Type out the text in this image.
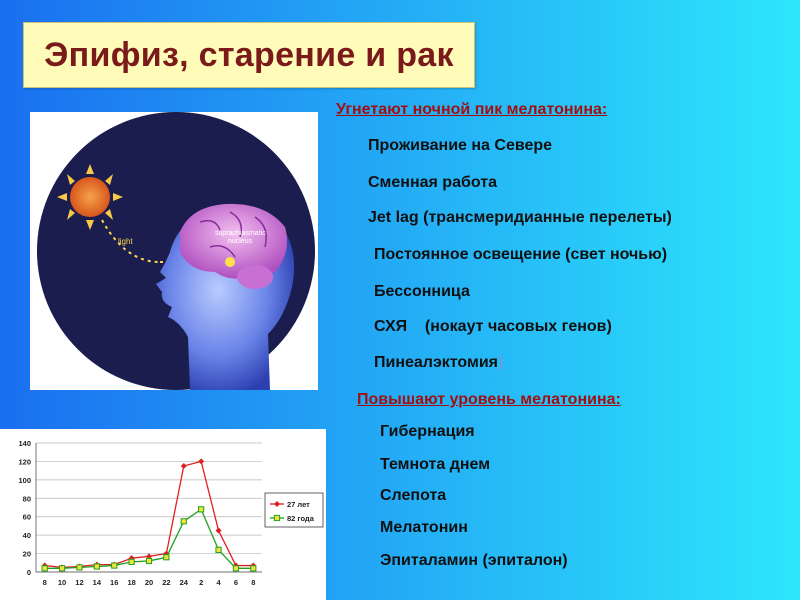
Эпифиз, старение и рак
light
suprachiasmatic
nucleus
0
20
40
60
80
100
120
140
8 10 12 14 16 18 20 22 24 2 4 6 8
27 лет
82 года
Угнетают ночной пик мелатонина:
Проживание на Севере
Сменная работа
Jet lag (трансмеридианные перелеты)
Постоянное освещение (свет ночью)
Бессонница
СХЯ    (нокаут часовых генов)
Пинеалэктомия)
Повышают уровень мелатонина:
Гибернация
Темнота днем
Слепота
Мелатонин
Эпиталамин (эпиталон)
